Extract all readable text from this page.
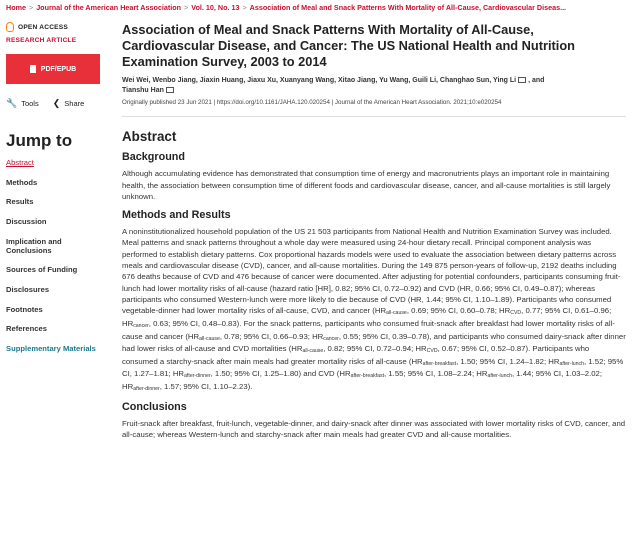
Home > Journal of the American Heart Association > Vol. 10, No. 13 > Association of Meal and Snack Patterns With Mortality of All‐Cause, Cardiovascular Diseas...
OPEN ACCESS
RESEARCH ARTICLE
PDF/EPUB
🔧 Tools ❮ Share
Jump to
Abstract
Methods
Results
Discussion
Implication and Conclusions
Sources of Funding
Disclosures
Footnotes
References
Supplementary Materials
Association of Meal and Snack Patterns With Mortality of All‐Cause, Cardiovascular Disease, and Cancer: The US National Health and Nutrition Examination Survey, 2003 to 2014
Wei Wei, Wenbo Jiang, Jiaxin Huang, Jiaxu Xu, Xuanyang Wang, Xitao Jiang, Yu Wang, Guili Li, Changhao Sun, Ying Li , and
Tianshu Han
Originally published 23 Jun 2021 | https://doi.org/10.1161/JAHA.120.020254 | Journal of the American Heart Association. 2021;10:e020254
Abstract
Background

Although accumulating evidence has demonstrated that consumption time of energy and macronutrients plays an important role in maintaining health, the association between consumption time of different foods and cardiovascular disease, cancer, and all‐cause mortalities is still largely unknown.

Methods and Results

A noninstitutionalized household population of the US 21 503 participants from National Health and Nutrition Examination Survey was included. Meal patterns and snack patterns throughout a whole day were measured using 24‐hour dietary recall. Principal component analysis was performed to establish dietary patterns. Cox proportional hazards models were used to evaluate the association between dietary patterns across meals and cardiovascular disease (CVD), cancer, and all‐cause mortalities. During the 149 875 person‐years of follow‐up, 2192 deaths including 676 deaths because of CVD and 476 because of cancer were documented. After adjusting for potential confounders, participants consuming fruit‐lunch had lower mortality risks of all‐cause (hazard ratio [HR], 0.82; 95% CI, 0.72–0.92) and CVD (HR, 0.66; 95% CI, 0.49–0.87); whereas participants who consumed Western‐lunch were more likely to die because of CVD (HR, 1.44; 95% CI, 1.10–1.89). Participants who consumed vegetable‐dinner had lower mortality risks of all‐cause, CVD, and cancer ($HR_{all‐cause}$, 0.69; 95% CI, 0.60–0.78; $HR_{CVD}$, 0.77; 95% CI, 0.61–0.96; $HR_{cancer}$, 0.63; 95% CI, 0.48–0.83). For the snack patterns, participants who consumed fruit‐snack after breakfast had lower mortality risks of all‐cause and cancer ($HR_{all‐cause}$, 0.78; 95% CI, 0.66–0.93; $HR_{cancer}$, 0.55; 95% CI, 0.39–0.78), and participants who consumed dairy‐snack after dinner had lower risks of all‐cause and CVD mortalities ($HR_{all‐cause}$, 0.82; 95% CI, 0.72–0.94; $HR_{CVD}$, 0.67; 95% CI, 0.52–0.87). Participants who consumed a starchy‐snack after main meals had greater mortality risks of all‐cause ($HR_{after‐breakfast}$, 1.50; 95% CI, 1.24–1.82; $HR_{after‐lunch}$, 1.52; 95% CI, 1.27–1.81; $HR_{after‐dinner}$, 1.50; 95% CI, 1.25–1.80) and CVD ($HR_{after‐breakfast}$, 1.55; 95% CI, 1.08–2.24; $HR_{after‐lunch}$, 1.44; 95% CI, 1.03–2.02; $HR_{after‐dinner}$, 1.57; 95% CI, 1.10–2.23).

Conclusions

Fruit‐snack after breakfast, fruit‐lunch, vegetable‐dinner, and dairy‐snack after dinner was associated with lower mortality risks of CVD, cancer, and all‐cause; whereas Western‐lunch and starchy‐snack after main meals had greater CVD and all‐cause mortalities.
